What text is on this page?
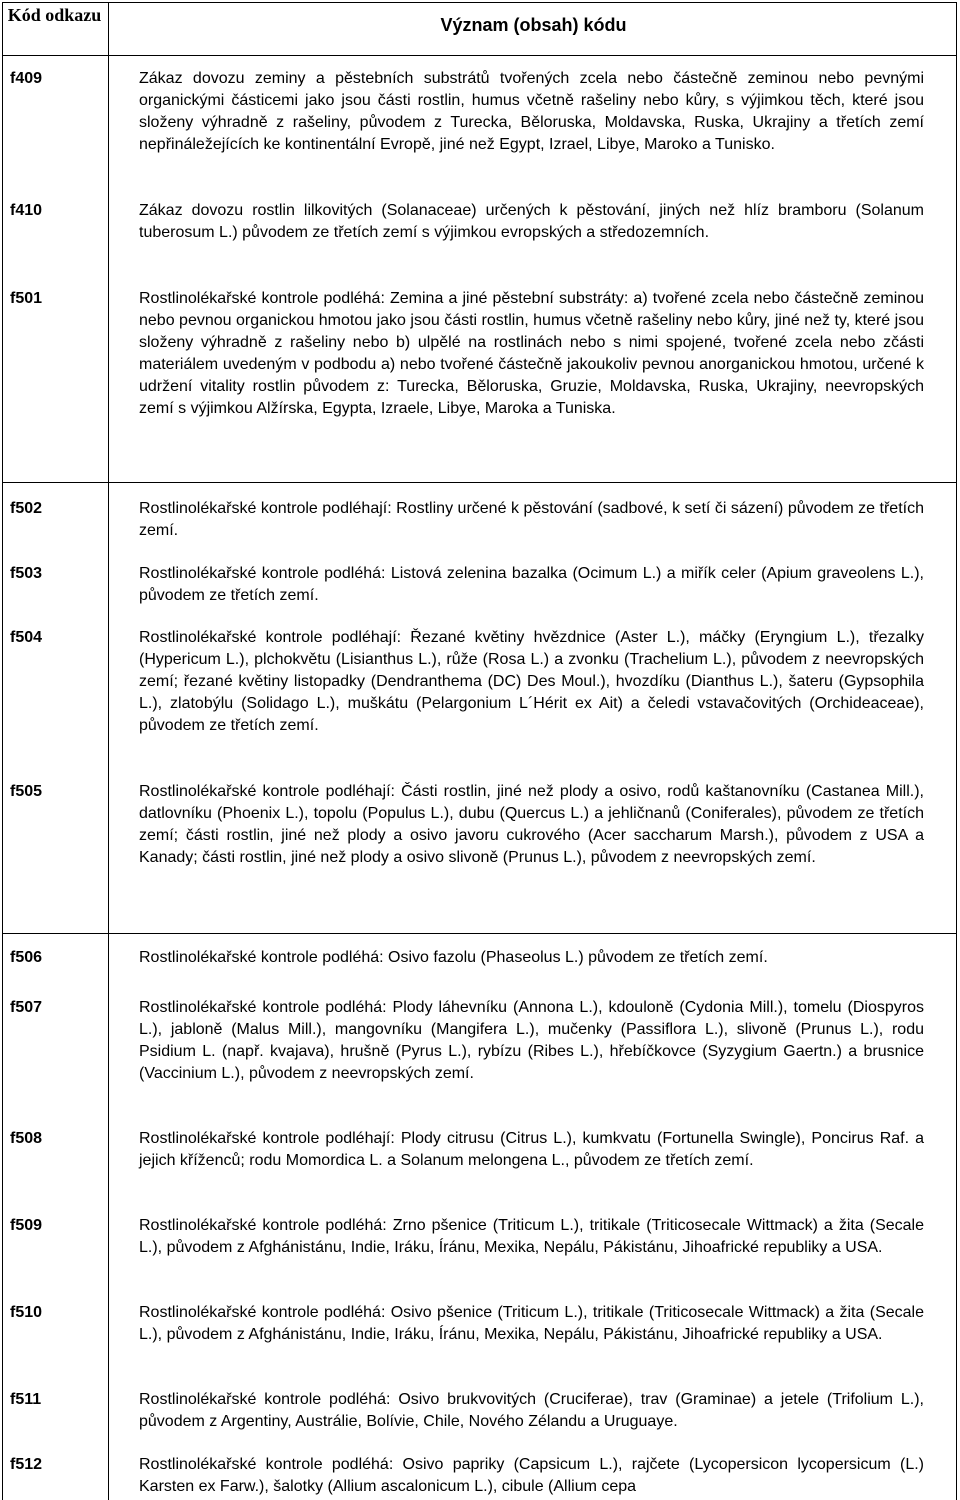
Kód odkazu	Význam (obsah) kódu
f409	Zákaz dovozu zeminy a pěstebních substrátů tvořených zcela nebo částečně zeminou nebo pevnými organickými částicemi jako jsou části rostlin, humus včetně rašeliny nebo kůry, s výjimkou těch, které jsou složeny výhradně z rašeliny, původem z Turecka, Běloruska, Moldavska, Ruska, Ukrajiny a třetích zemí nepřináležejících ke kontinentální Evropě, jiné než Egypt, Izrael, Libye, Maroko a Tunisko.
f410	Zákaz dovozu rostlin lilkovitých (Solanaceae) určených k pěstování, jiných než hlíz bramboru (Solanum tuberosum L.) původem ze třetích zemí s výjimkou evropských a středozemních.
f501	Rostlinolékařské kontrole podléhá: Zemina a jiné pěstební substráty: a) tvořené zcela nebo částečně zeminou nebo pevnou organickou hmotou jako jsou části rostlin, humus včetně rašeliny nebo kůry, jiné než ty, které jsou složeny výhradně z rašeliny nebo b) ulpělé na rostlinách nebo s nimi spojené, tvořené zcela nebo zčásti materiálem uvedeným v podbodu a) nebo tvořené částečně jakoukoliv pevnou anorganickou hmotou, určené k udržení vitality rostlin původem z: Turecka, Běloruska, Gruzie, Moldavska, Ruska, Ukrajiny, neevropských zemí s výjimkou Alžírska, Egypta, Izraele, Libye, Maroka a Tuniska.
f502	Rostlinolékařské kontrole podléhají: Rostliny určené k pěstování (sadbové, k setí či sázení) původem ze třetích zemí.
f503	Rostlinolékařské kontrole podléhá: Listová zelenina bazalka (Ocimum L.) a miřík celer (Apium graveolens L.), původem ze třetích zemí.
f504	Rostlinolékařské kontrole podléhají: Řezané květiny hvězdnice (Aster L.), máčky (Eryngium L.), třezalky (Hypericum L.), plchokvětu (Lisianthus L.), růže (Rosa L.) a zvonku (Trachelium L.), původem z neevropských zemí; řezané květiny listopadky (Dendranthema (DC) Des Moul.), hvozdíku (Dianthus L.), šateru (Gypsophila L.), zlatobýlu (Solidago L.), muškátu (Pelargonium L´Hérit ex Ait) a čeledi vstavačovitých (Orchideaceae), původem ze třetích zemí.
f505	Rostlinolékařské kontrole podléhají: Části rostlin, jiné než plody a osivo, rodů kaštanovníku (Castanea Mill.), datlovníku (Phoenix L.), topolu (Populus L.), dubu (Quercus L.) a jehličnanů (Coniferales), původem ze třetích zemí; části rostlin, jiné než plody a osivo javoru cukrového (Acer saccharum Marsh.), původem z USA a Kanady; části rostlin, jiné než plody a osivo slivoně (Prunus L.), původem z neevropských zemí.
f506	Rostlinolékařské kontrole podléhá: Osivo fazolu (Phaseolus L.) původem ze třetích zemí.
f507	Rostlinolékařské kontrole podléhá: Plody láhevníku (Annona L.), kdouloně (Cydonia Mill.), tomelu (Diospyros L.), jabloně (Malus Mill.), mangovníku (Mangifera L.), mučenky (Passiflora L.), slivoně (Prunus L.), rodu Psidium L. (např. kvajava), hrušně (Pyrus L.), rybízu (Ribes L.), hřebíčkovce (Syzygium Gaertn.) a brusnice (Vaccinium L.), původem z neevropských zemí.
f508	Rostlinolékařské kontrole podléhají: Plody citrusu (Citrus L.), kumkvatu (Fortunella Swingle), Poncirus Raf. a jejich kříženců; rodu Momordica L. a Solanum melongena L., původem ze třetích zemí.
f509	Rostlinolékařské kontrole podléhá: Zrno pšenice (Triticum L.), tritikale (Triticosecale Wittmack) a žita (Secale L.), původem z Afghánistánu, Indie, Iráku, Íránu, Mexika, Nepálu, Pákistánu, Jihoafrické republiky a USA.
f510	Rostlinolékařské kontrole podléhá: Osivo pšenice (Triticum L.), tritikale (Triticosecale Wittmack) a žita (Secale L.), původem z Afghánistánu, Indie, Iráku, Íránu, Mexika, Nepálu, Pákistánu, Jihoafrické republiky a USA.
f511	Rostlinolékařské kontrole podléhá: Osivo brukvovitých (Cruciferae), trav (Graminae) a jetele (Trifolium L.), původem z Argentiny, Austrálie, Bolívie, Chile, Nového Zélandu a Uruguaye.
f512	Rostlinolékařské kontrole podléhá: Osivo papriky (Capsicum L.), rajčete (Lycopersicon lycopersicum (L.) Karsten ex Farw.), šalotky (Allium ascalonicum L.), cibule (Allium cepa
